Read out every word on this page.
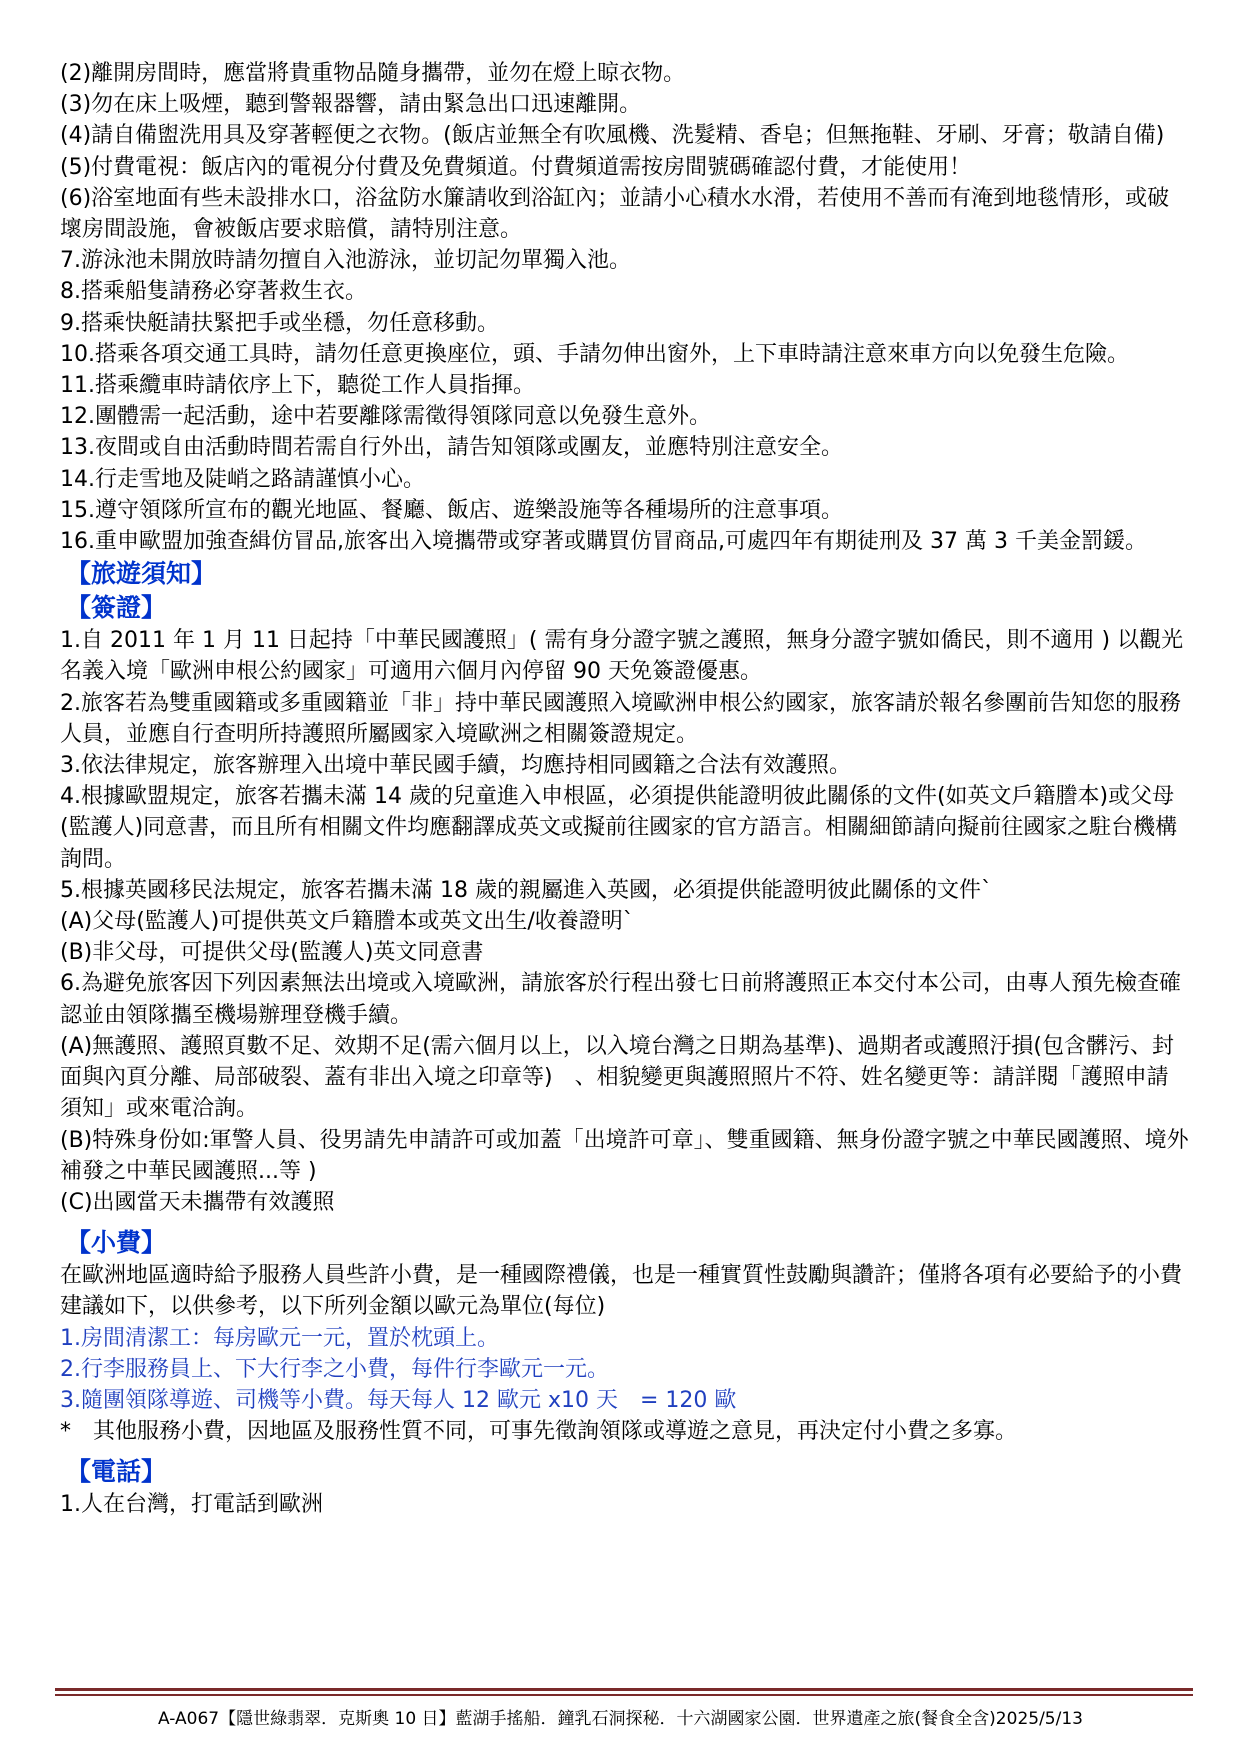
(2)離開房間時，應當將貴重物品隨身攜帶，並勿在燈上晾衣物。

(3)勿在床上吸煙，聽到警報器響，請由緊急出口迅速離開。

(4)請自備盥洗用具及穿著輕便之衣物。(飯店並無全有吹風機、洗髮精、香皂；但無拖鞋、牙刷、牙膏；敬請自備)

(5)付費電視：飯店內的電視分付費及免費頻道。付費頻道需按房間號碼確認付費，才能使用！

(6)浴室地面有些未設排水口，浴盆防水簾請收到浴缸內；並請小心積水水滑，若使用不善而有淹到地毯情形，或破壞房間設施，會被飯店要求賠償，請特別注意。

7.游泳池未開放時請勿擅自入池游泳，並切記勿單獨入池。

8.搭乘船隻請務必穿著救生衣。

9.搭乘快艇請扶緊把手或坐穩，勿任意移動。

10.搭乘各項交通工具時，請勿任意更換座位，頭、手請勿伸出窗外，上下車時請注意來車方向以免發生危險。

11.搭乘纜車時請依序上下，聽從工作人員指揮。

12.團體需一起活動，途中若要離隊需徵得領隊同意以免發生意外。

13.夜間或自由活動時間若需自行外出，請告知領隊或團友，並應特別注意安全。

14.行走雪地及陡峭之路請謹慎小心。

15.遵守領隊所宣布的觀光地區、餐廳、飯店、遊樂設施等各種場所的注意事項。

16.重申歐盟加強查緝仿冒品,旅客出入境攜帶或穿著或購買仿冒商品,可處四年有期徒刑及 37 萬 3 千美金罰鍰。

【旅遊須知】
【簽證】

1.自 2011 年 1 月 11 日起持「中華民國護照」( 需有身分證字號之護照，無身分證字號如僑民，則不適用 ) 以觀光名義入境「歐洲申根公約國家」可適用六個月內停留 90 天免簽證優惠。

2.旅客若為雙重國籍或多重國籍並「非」持中華民國護照入境歐洲申根公約國家，旅客請於報名參團前告知您的服務人員，並應自行查明所持護照所屬國家入境歐洲之相關簽證規定。

3.依法律規定，旅客辦理入出境中華民國手續，均應持相同國籍之合法有效護照。

4.根據歐盟規定，旅客若攜未滿 14 歲的兒童進入申根區，必須提供能證明彼此關係的文件(如英文戶籍謄本)或父母(監護人)同意書，而且所有相關文件均應翻譯成英文或擬前往國家的官方語言。相關細節請向擬前往國家之駐台機構詢問。

5.根據英國移民法規定，旅客若攜未滿 18 歲的親屬進入英國，必須提供能證明彼此關係的文件`

(A)父母(監護人)可提供英文戶籍謄本或英文出生/收養證明`

(B)非父母，可提供父母(監護人)英文同意書

6.為避免旅客因下列因素無法出境或入境歐洲，請旅客於行程出發七日前將護照正本交付本公司，由專人預先檢查確認並由領隊攜至機場辦理登機手續。

(A)無護照、護照頁數不足、效期不足(需六個月以上，以入境台灣之日期為基準)、過期者或護照汙損(包含髒污、封面與內頁分離、局部破裂、蓋有非出入境之印章等)　、相貌變更與護照照片不符、姓名變更等：請詳閱「護照申請須知」或來電洽詢。

(B)特殊身份如:軍警人員、役男請先申請許可或加蓋「出境許可章」、雙重國籍、無身份證字號之中華民國護照、境外補發之中華民國護照...等 )

(C)出國當天未攜帶有效護照

【小費】

在歐洲地區適時給予服務人員些許小費，是一種國際禮儀，也是一種實質性鼓勵與讚許；僅將各項有必要給予的小費建議如下，以供參考，以下所列金額以歐元為單位(每位)

1.房間清潔工：每房歐元一元，置於枕頭上。

2.行李服務員上、下大行李之小費，每件行李歐元一元。

3.隨團領隊導遊、司機等小費。每天每人 12 歐元 x10 天　= 120 歐

*　其他服務小費，因地區及服務性質不同，可事先徵詢領隊或導遊之意見，再決定付小費之多寡。

【電話】

1.人在台灣，打電話到歐洲

A-A067【隱世綠翡翠．克斯奧 10 日】藍湖手搖船．鐘乳石洞探秘．十六湖國家公園．世界遺產之旅(餐食全含)2025/5/13
